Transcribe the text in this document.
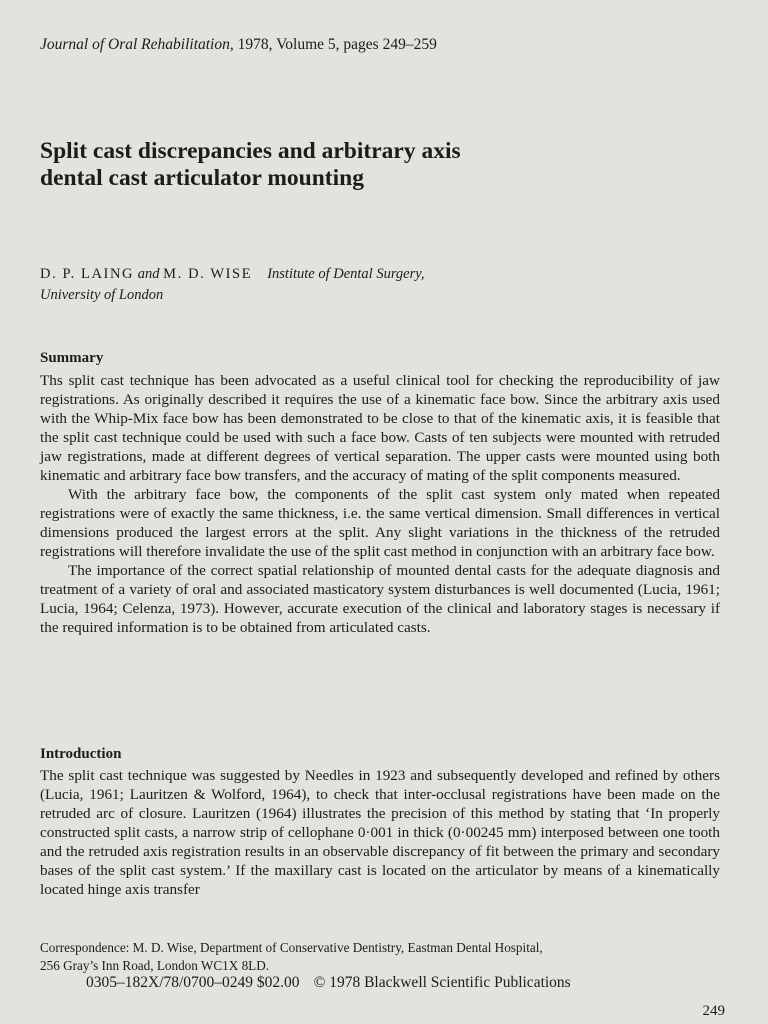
Journal of Oral Rehabilitation, 1978, Volume 5, pages 249–259
Split cast discrepancies and arbitrary axis
dental cast articulator mounting
D. P. LAING and M. D. WISE Institute of Dental Surgery,
University of London
Summary

Ths split cast technique has been advocated as a useful clinical tool for checking the reproducibility of jaw registrations. As originally described it requires the use of a kinematic face bow. Since the arbitrary axis used with the Whip-Mix face bow has been demonstrated to be close to that of the kinematic axis, it is feasible that the split cast technique could be used with such a face bow. Casts of ten subjects were mounted with retruded jaw registrations, made at different degrees of vertical separation. The upper casts were mounted using both kinematic and arbitrary face bow transfers, and the accuracy of mating of the split components measured.

With the arbitrary face bow, the components of the split cast system only mated when repeated registrations were of exactly the same thickness, i.e. the same vertical dimension. Small differences in vertical dimensions produced the largest errors at the split. Any slight variations in the thickness of the retruded registrations will therefore invalidate the use of the split cast method in conjunction with an arbitrary face bow.

The importance of the correct spatial relationship of mounted dental casts for the adequate diagnosis and treatment of a variety of oral and associated masticatory system disturbances is well documented (Lucia, 1961; Lucia, 1964; Celenza, 1973). However, accurate execution of the clinical and laboratory stages is necessary if the required information is to be obtained from articulated casts.

Introduction

The split cast technique was suggested by Needles in 1923 and subsequently developed and refined by others (Lucia, 1961; Lauritzen & Wolford, 1964), to check that inter-occlusal registrations have been made on the retruded arc of closure. Lauritzen (1964) illustrates the precision of this method by stating that ‘In properly constructed split casts, a narrow strip of cellophane 0·001 in thick (0·00245 mm) interposed between one tooth and the retruded axis registration results in an observable discrepancy of fit between the primary and secondary bases of the split cast system.’ If the maxillary cast is located on the articulator by means of a kinematically located hinge axis transfer

Correspondence: M. D. Wise, Department of Conservative Dentistry, Eastman Dental Hospital,

256 Gray’s Inn Road, London WC1X 8LD.

0305–182X/78/0700–0249 $02.00 © 1978 Blackwell Scientific Publications
249
